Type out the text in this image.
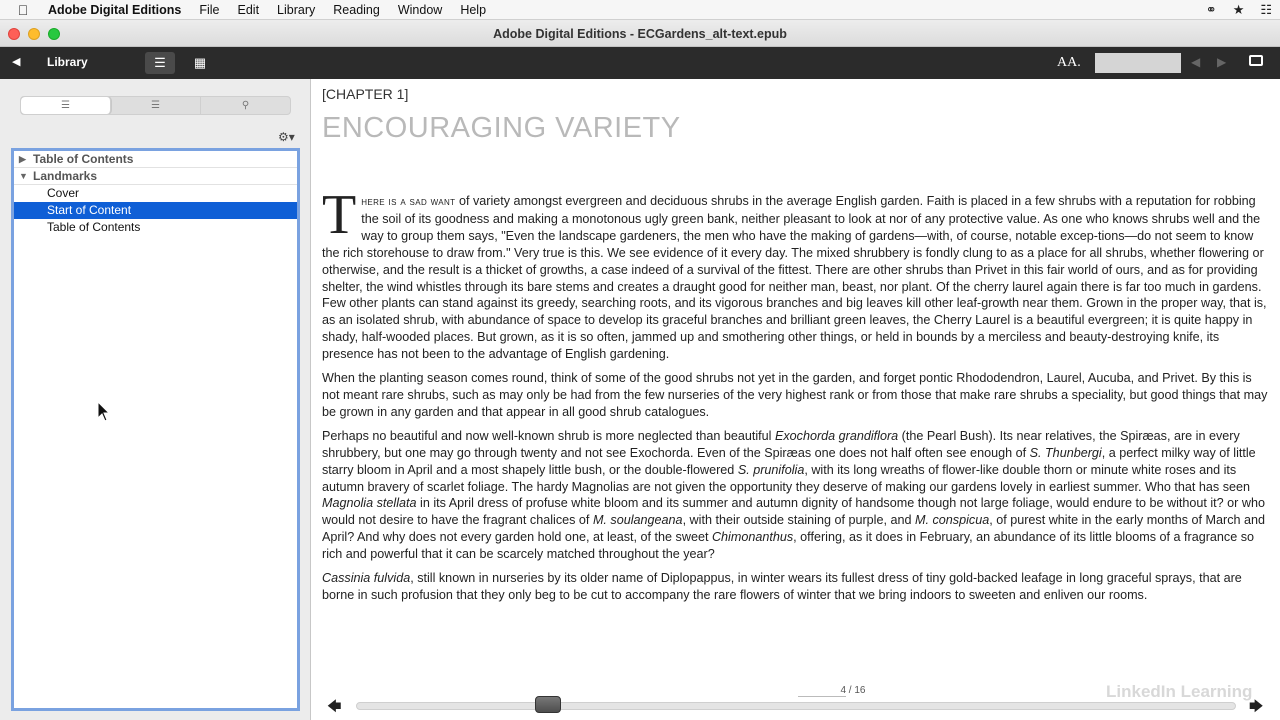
Adobe Digital Editions	File	Edit	Library	Reading	Window	Help	⚭ ★ ☷
Adobe Digital Editions - ECGardens_alt-text.epub
◀ Library	☰	▦	AA.	◀ ▶
☰	☰	⚲
⚙▾
▶ Table of Contents
▼ Landmarks
Cover
Start of Content
Table of Contents
[CHAPTER 1]
ENCOURAGING VARIETY

There is a sad want of variety amongst evergreen and deciduous shrubs in the average English garden. Faith is placed in a few shrubs with a reputation for robbing the soil of its goodness and making a monotonous ugly green bank, neither pleasant to look at nor of any protective value. As one who knows shrubs well and the way to group them says, "Even the landscape gardeners, the men who have the making of gardens—with, of course, notable excep-tions—do not seem to know the rich storehouse to draw from." Very true is this. We see evidence of it every day. The mixed shrubbery is fondly clung to as a place for all shrubs, whether flowering or otherwise, and the result is a thicket of growths, a case indeed of a survival of the fittest. There are other shrubs than Privet in this fair world of ours, and as for providing shelter, the wind whistles through its bare stems and creates a draught good for neither man, beast, nor plant. Of the cherry laurel again there is far too much in gardens. Few other plants can stand against its greedy, searching roots, and its vigorous branches and big leaves kill other leaf-growth near them. Grown in the proper way, that is, as an isolated shrub, with abundance of space to develop its graceful branches and brilliant green leaves, the Cherry Laurel is a beautiful evergreen; it is quite happy in shady, half-wooded places. But grown, as it is so often, jammed up and smothering other things, or held in bounds by a merciless and beauty-destroying knife, its presence has not been to the advantage of English gardening.

When the planting season comes round, think of some of the good shrubs not yet in the garden, and forget pontic Rhododendron, Laurel, Aucuba, and Privet. By this is not meant rare shrubs, such as may only be had from the few nurseries of the very highest rank or from those that make rare shrubs a speciality, but good things that may be grown in any garden and that appear in all good shrub catalogues.

Perhaps no beautiful and now well-known shrub is more neglected than beautiful Exochorda grandiflora (the Pearl Bush). Its near relatives, the Spiræas, are in every shrubbery, but one may go through twenty and not see Exochorda. Even of the Spiræas one does not half often see enough of S. Thunbergi, a perfect milky way of little starry bloom in April and a most shapely little bush, or the double-flowered S. prunifolia, with its long wreaths of flower-like double thorn or minute white roses and its autumn bravery of scarlet foliage. The hardy Magnolias are not given the opportunity they deserve of making our gardens lovely in earliest summer. Who that has seen Magnolia stellata in its April dress of profuse white bloom and its summer and autumn dignity of handsome though not large foliage, would endure to be without it? or who would not desire to have the fragrant chalices of M. soulangeana, with their outside staining of purple, and M. conspicua, of purest white in the early months of March and April? And why does not every garden hold one, at least, of the sweet Chimonanthus, offering, as it does in February, an abundance of its little blooms of a fragrance so rich and powerful that it can be scarcely matched throughout the year?

Cassinia fulvida, still known in nurseries by its older name of Diplopappus, in winter wears its fullest dress of tiny gold-backed leafage in long graceful sprays, that are borne in such profusion that they only beg to be cut to accompany the rare flowers of winter that we bring indoors to sweeten and enliven our rooms.

4 / 16
🡄	🡆
LinkedIn Learning
